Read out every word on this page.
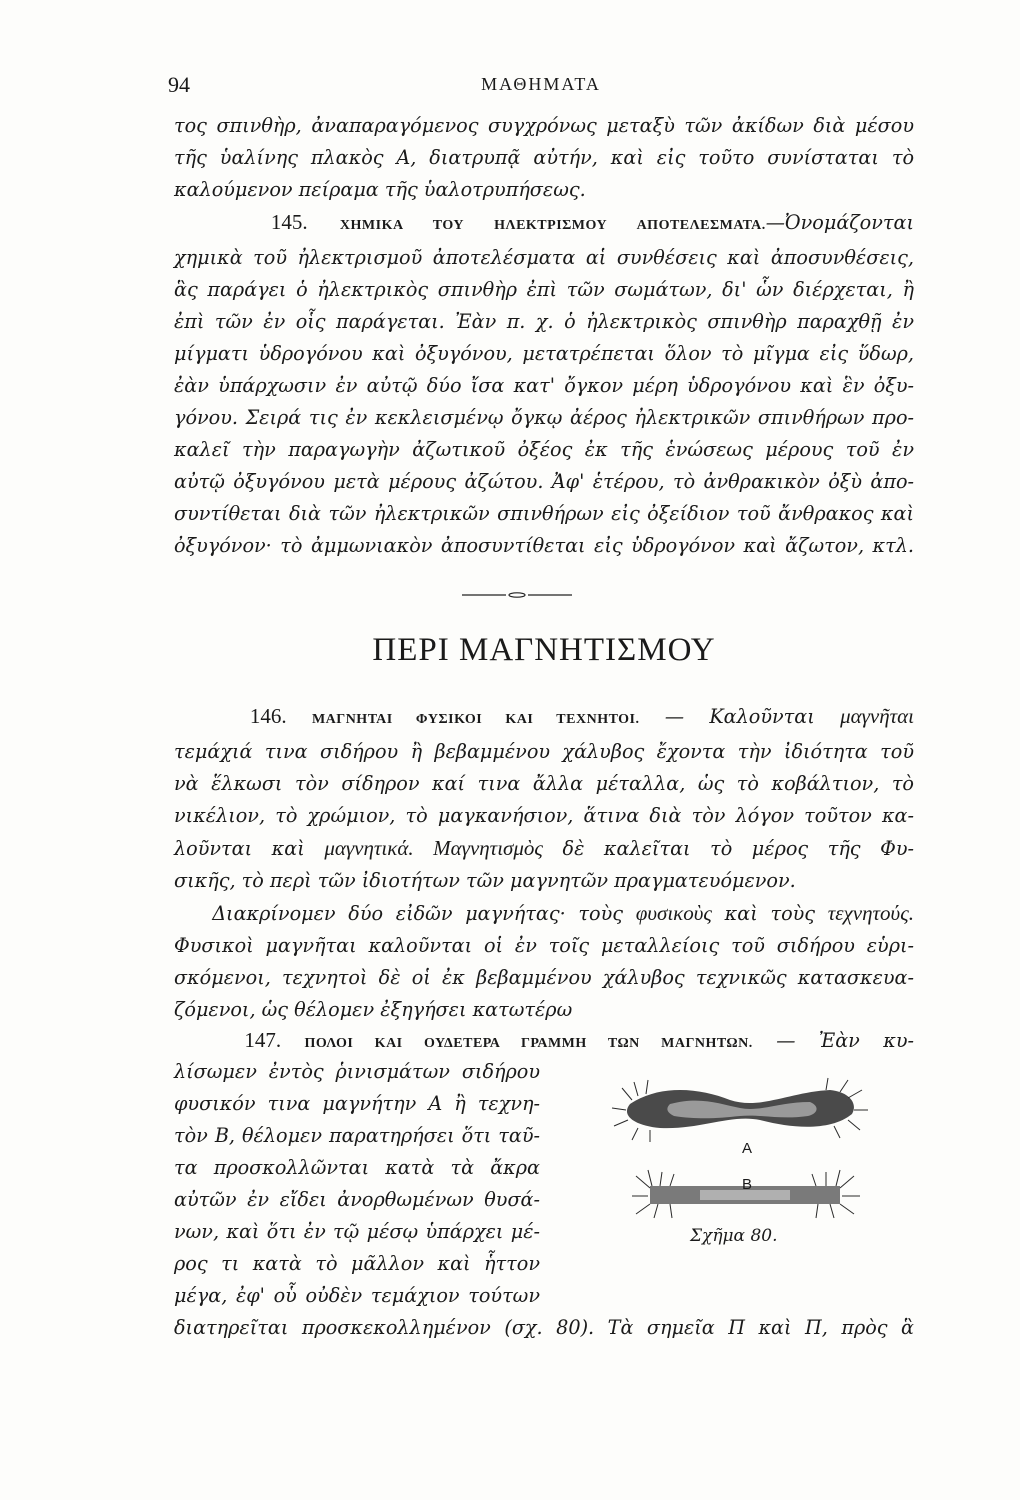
94	ΜΑΘΗΜΑΤΑ
τος σπινθὴρ, ἀναπαραγόμενος συγχρόνως μεταξὺ τῶν ἀκίδων διὰ μέσου
τῆς ὑαλίνης πλακὸς Α, διατρυπᾷ αὐτήν, καὶ εἰς τοῦτο συνίσταται τὸ
καλούμενον πείραμα τῆς ὑαλοτρυπήσεως.
145. ΧΗΜΙΚΑ ΤΟΥ ΗΛΕΚΤΡΙΣΜΟΥ ΑΠΟΤΕΛΕΣΜΑΤΑ.—Ὀνομάζονται
χημικὰ τοῦ ἠλεκτρισμοῦ ἀποτελέσματα αἱ συνθέσεις καὶ ἀποσυνθέσεις,
ἃς παράγει ὁ ἠλεκτρικὸς σπινθὴρ ἐπὶ τῶν σωμάτων, δι' ὧν διέρχεται, ἢ
ἐπὶ τῶν ἐν οἷς παράγεται. Ἐὰν π. χ. ὁ ἠλεκτρικὸς σπινθὴρ παραχθῇ ἐν
μίγματι ὑδρογόνου καὶ ὀξυγόνου, μετατρέπεται ὅλον τὸ μῖγμα εἰς ὕδωρ,
ἐὰν ὑπάρχωσιν ἐν αὐτῷ δύο ἴσα κατ' ὄγκον μέρη ὑδρογόνου καὶ ἓν ὀξυ-
γόνου. Σειρά τις ἐν κεκλεισμένῳ ὄγκῳ ἀέρος ἠλεκτρικῶν σπινθήρων προ-
καλεῖ τὴν παραγωγὴν ἀζωτικοῦ ὀξέος ἐκ τῆς ἑνώσεως μέρους τοῦ ἐν
αὐτῷ ὀξυγόνου μετὰ μέρους ἀζώτου. Ἀφ' ἑτέρου, τὸ ἀνθρακικὸν ὀξὺ ἀπο-
συντίθεται διὰ τῶν ἠλεκτρικῶν σπινθήρων εἰς ὀξείδιον τοῦ ἄνθρακος καὶ
ὀξυγόνον· τὸ ἀμμωνιακὸν ἀποσυντίθεται εἰς ὑδρογόνον καὶ ἄζωτον, κτλ.
ΠΕΡΙ ΜΑΓΝΗΤΙΣΜΟΥ
146. ΜΑΓΝΗΤΑΙ ΦΥΣΙΚΟΙ ΚΑΙ ΤΕΧΝΗΤΟΙ. — Καλοῦνται μαγνῆται
τεμάχιά τινα σιδήρου ἢ βεβαμμένου χάλυβος ἔχοντα τὴν ἰδιότητα τοῦ
νὰ ἕλκωσι τὸν σίδηρον καί τινα ἄλλα μέταλλα, ὡς τὸ κοβάλτιον, τὸ
νικέλιον, τὸ χρώμιον, τὸ μαγκανήσιον, ἅτινα διὰ τὸν λόγον τοῦτον κα-
λοῦνται καὶ μαγνητικά. Μαγνητισμὸς δὲ καλεῖται τὸ μέρος τῆς Φυ-
σικῆς, τὸ περὶ τῶν ἰδιοτήτων τῶν μαγνητῶν πραγματευόμενον.
Διακρίνομεν δύο εἰδῶν μαγνήτας· τοὺς φυσικοὺς καὶ τοὺς τεχνητούς.
Φυσικοὶ μαγνῆται καλοῦνται οἱ ἐν τοῖς μεταλλείοις τοῦ σιδήρου εὑρι-
σκόμενοι, τεχνητοὶ δὲ οἱ ἐκ βεβαμμένου χάλυβος τεχνικῶς κατασκευα-
ζόμενοι, ὡς θέλομεν ἐξηγήσει κατωτέρω
147. ΠΟΛΟΙ ΚΑΙ ΟΥΔΕΤΕΡΑ ΓΡΑΜΜΗ ΤΩΝ ΜΑΓΝΗΤΩΝ. — Ἐὰν κυ-
λίσωμεν ἐντὸς ῥινισμάτων σιδήρου
φυσικόν τινα μαγνήτην Α ἢ τεχνη-
τὸν Β, θέλομεν παρατηρήσει ὅτι ταῦ-
τα προσκολλῶνται κατὰ τὰ ἄκρα
αὐτῶν ἐν εἴδει ἀνορθωμένων θυσά-
νων, καὶ ὅτι ἐν τῷ μέσῳ ὑπάρχει μέ-
ρος τι κατὰ τὸ μᾶλλον καὶ ἧττον
μέγα, ἐφ' οὗ οὐδὲν τεμάχιον τούτων
διατηρεῖται προσκεκολλημένον (σχ. 80). Τὰ σημεῖα Π καὶ Π, πρὸς ἃ
A
B
Σχῆμα 80.
